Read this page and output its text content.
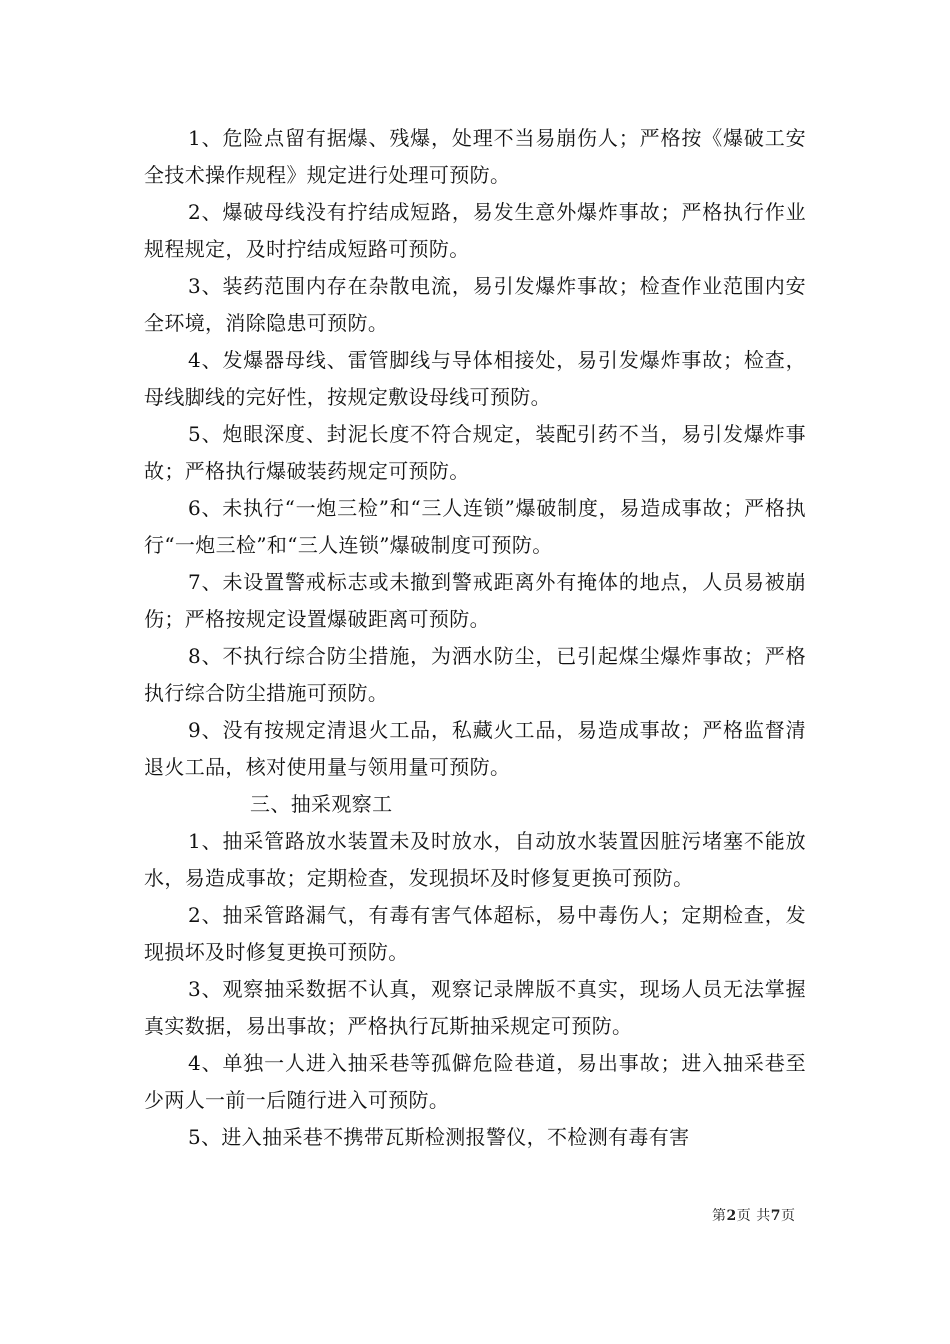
1、危险点留有据爆、残爆，处理不当易崩伤人；严格按《爆破工安全技术操作规程》规定进行处理可预防。

2、爆破母线没有拧结成短路，易发生意外爆炸事故；严格执行作业规程规定，及时拧结成短路可预防。

3、装药范围内存在杂散电流，易引发爆炸事故；检查作业范围内安全环境，消除隐患可预防。

4、发爆器母线、雷管脚线与导体相接处，易引发爆炸事故；检查，母线脚线的完好性，按规定敷设母线可预防。

5、炮眼深度、封泥长度不符合规定，装配引药不当，易引发爆炸事故；严格执行爆破装药规定可预防。

6、未执行“一炮三检”和“三人连锁”爆破制度，易造成事故；严格执行“一炮三检”和“三人连锁”爆破制度可预防。

7、未设置警戒标志或未撤到警戒距离外有掩体的地点，人员易被崩伤；严格按规定设置爆破距离可预防。

8、不执行综合防尘措施，为洒水防尘，已引起煤尘爆炸事故；严格执行综合防尘措施可预防。

9、没有按规定清退火工品，私藏火工品，易造成事故；严格监督清退火工品，核对使用量与领用量可预防。

三、抽采观察工

1、抽采管路放水装置未及时放水，自动放水装置因脏污堵塞不能放水，易造成事故；定期检查，发现损坏及时修复更换可预防。

2、抽采管路漏气，有毒有害气体超标，易中毒伤人；定期检查，发现损坏及时修复更换可预防。

3、观察抽采数据不认真，观察记录牌版不真实，现场人员无法掌握真实数据，易出事故；严格执行瓦斯抽采规定可预防。

4、单独一人进入抽采巷等孤僻危险巷道，易出事故；进入抽采巷至少两人一前一后随行进入可预防。

5、进入抽采巷不携带瓦斯检测报警仪，不检测有毒有害

第2页 共7页
